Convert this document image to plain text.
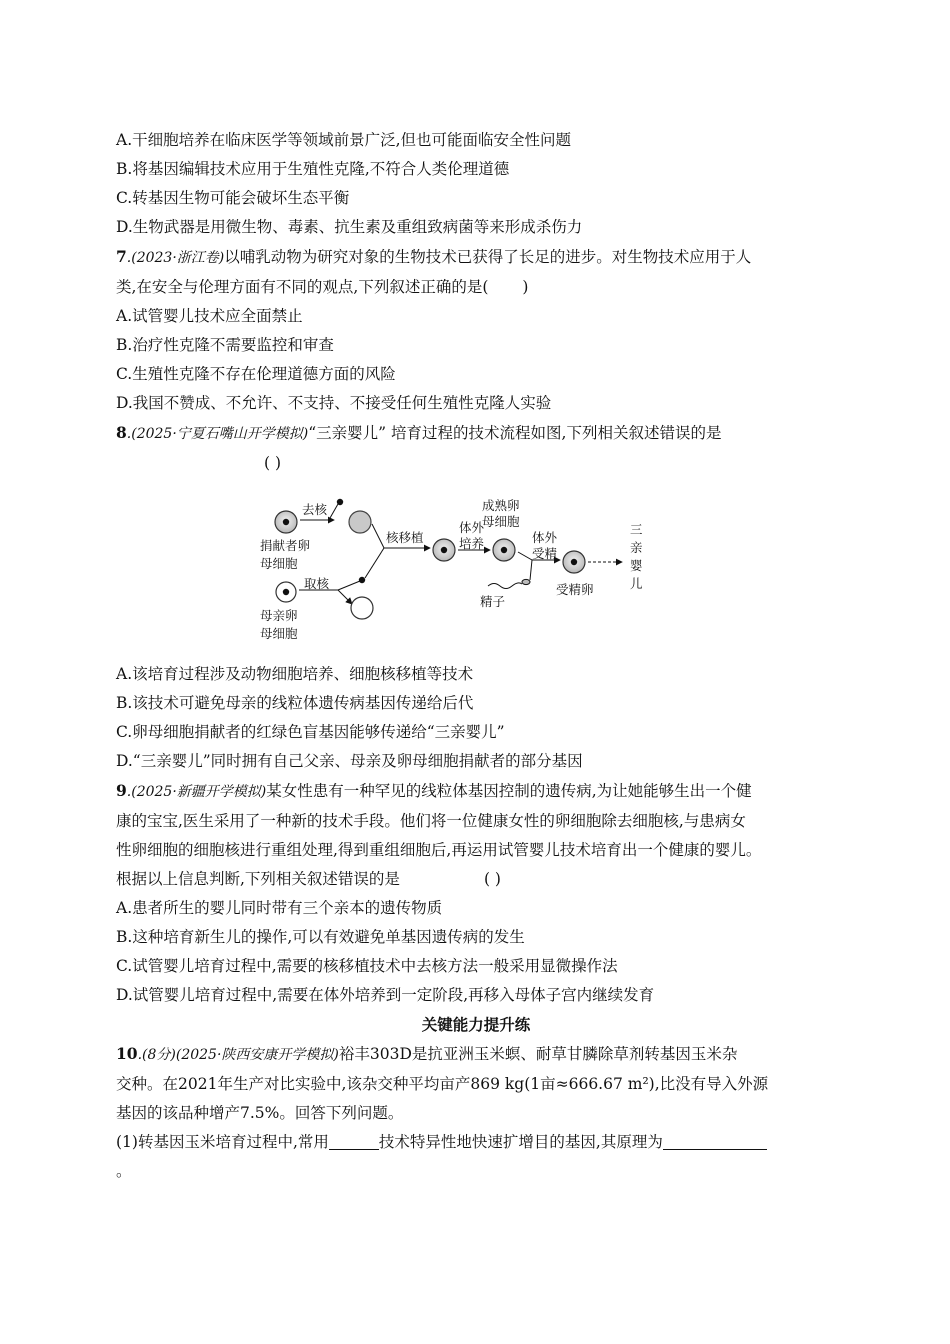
A.干细胞培养在临床医学等领域前景广泛,但也可能面临安全性问题
B.将基因编辑技术应用于生殖性克隆,不符合人类伦理道德
C.转基因生物可能会破坏生态平衡
D.生物武器是用微生物、毒素、抗生素及重组致病菌等来形成杀伤力
7.(2023·浙江卷)以哺乳动物为研究对象的生物技术已获得了长足的进步。对生物技术应用于人
类,在安全与伦理方面有不同的观点,下列叙述正确的是( )
A.试管婴儿技术应全面禁止
B.治疗性克隆不需要监控和审查
C.生殖性克隆不存在伦理道德方面的风险
D.我国不赞成、不允许、不支持、不接受任何生殖性克隆人实验
8.(2025·宁夏石嘴山开学模拟)“三亲婴儿” 培育过程的技术流程如图,下列相关叙述错误的是
( )
去核
捐献者卵
母细胞
取核
母亲卵
母细胞
核移植
体外
培养
成熟卵
母细胞
精子
体外
受精
受精卵
三
亲
婴
儿
A.该培育过程涉及动物细胞培养、细胞核移植等技术
B.该技术可避免母亲的线粒体遗传病基因传递给后代
C.卵母细胞捐献者的红绿色盲基因能够传递给“三亲婴儿”
D.“三亲婴儿”同时拥有自己父亲、母亲及卵母细胞捐献者的部分基因
9.(2025·新疆开学模拟)某女性患有一种罕见的线粒体基因控制的遗传病,为让她能够生出一个健
康的宝宝,医生采用了一种新的技术手段。他们将一位健康女性的卵细胞除去细胞核,与患病女
性卵细胞的细胞核进行重组处理,得到重组细胞后,再运用试管婴儿技术培育出一个健康的婴儿。
根据以上信息判断,下列相关叙述错误的是	( )
A.患者所生的婴儿同时带有三个亲本的遗传物质
B.这种培育新生儿的操作,可以有效避免单基因遗传病的发生
C.试管婴儿培育过程中,需要的核移植技术中去核方法一般采用显微操作法
D.试管婴儿培育过程中,需要在体外培养到一定阶段,再移入母体子宫内继续发育
关键能力提升练
10.(8分)(2025·陕西安康开学模拟)裕丰303D是抗亚洲玉米螟、耐草甘膦除草剂转基因玉米杂
交种。在2021年生产对比实验中,该杂交种平均亩产869 kg(1亩≈666.67 m²),比没有导入外源
基因的该品种增产7.5%。回答下列问题。
(1)转基因玉米培育过程中,常用	技术特异性地快速扩增目的基因,其原理为
。
